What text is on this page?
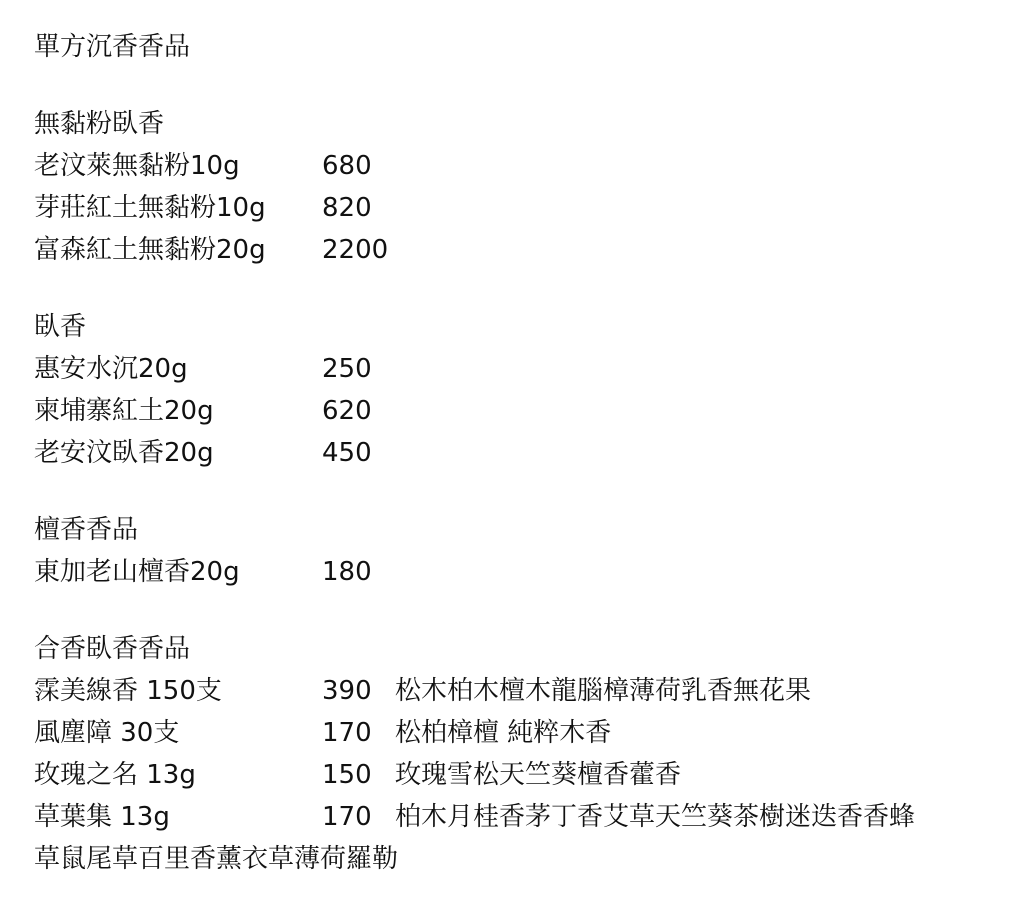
單方沉香香品
無黏粉臥香
老汶萊無黏粉10g	680
芽莊紅土無黏粉10g 820
富森紅土無黏粉20g 2200
臥香
惠安水沉20g	250
柬埔寨紅土20g	620
老安汶臥香20g	450
檀香香品
東加老山檀香20g	180
合香臥香香品
霂美線香 150支	390 松木柏木檀木龍腦樟薄荷乳香無花果
風塵障 30支	170 松柏樟檀 純粹木香
玫瑰之名 13g	150 玫瑰雪松天竺葵檀香藿香
草葉集 13g	170 柏木月桂香茅丁香艾草天竺葵茶樹迷迭香香蜂
草鼠尾草百里香薰衣草薄荷羅勒
